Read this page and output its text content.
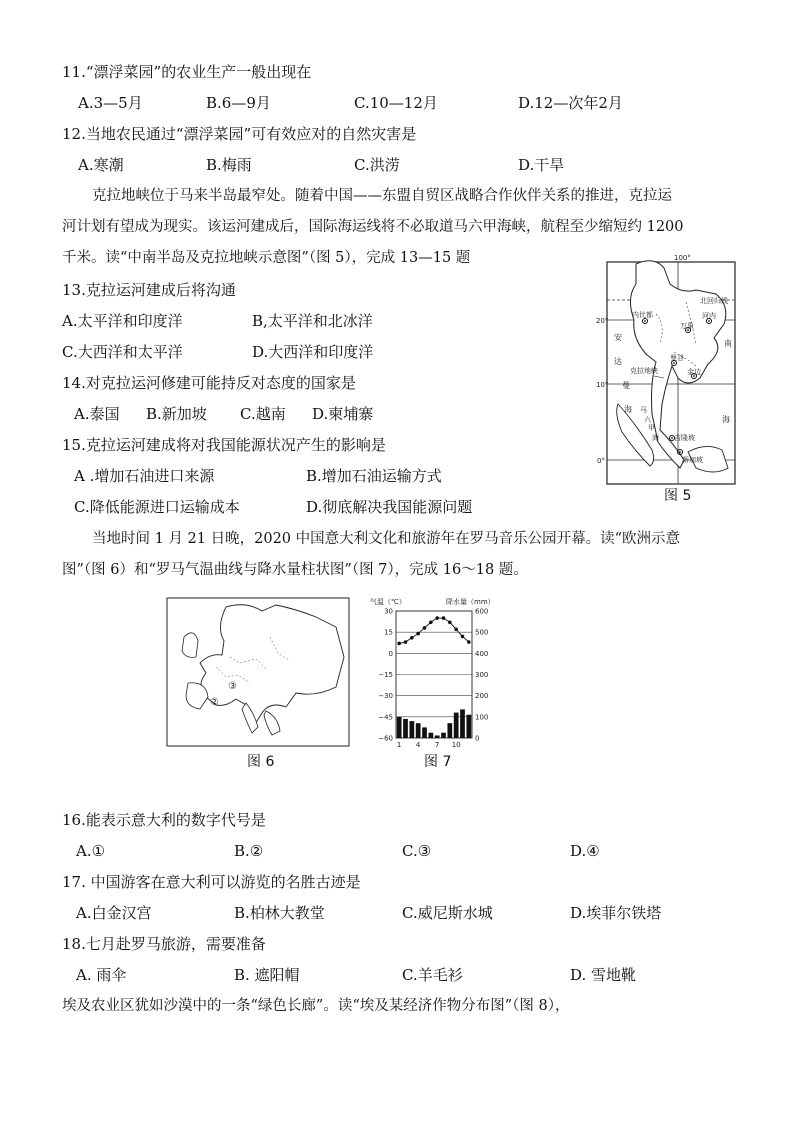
11.“漂浮菜园”的农业生产一般出现在
A.3—5月	B.6—9月	C.10—12月	D.12—次年2月
12.当地农民通过“漂浮菜园”可有效应对的自然灾害是
A.寒潮	B.梅雨	C.洪涝	D.干旱
克拉地峡位于马来半岛最窄处。随着中国——东盟自贸区战略合作伙伴关系的推进，克拉运
河计划有望成为现实。该运河建成后，国际海运线将不必取道马六甲海峡，航程至少缩短约 1200
千米。读“中南半岛及克拉地峡示意图”（图 5），完成 13—15 题
13.克拉运河建成后将沟通
A.太平洋和印度洋	B,太平洋和北冰洋
C.大西洋和太平洋	D.大西洋和印度洋
14.对克拉运河修建可能持反对态度的国家是
A.泰国 B.新加坡 C.越南 D.柬埔寨
15.克拉运河建成将对我国能源状况产生的影响是
A .增加石油进口来源	B.增加石油运输方式
C.降低能源进口运输成本	D.彻底解决我国能源问题
100°
20°
10°
0°
北回归线
内比都	河内
万象
曼谷
金边
克拉地峡
吉隆坡
新加坡
安
达
曼
海
南
海
马
六
甲
海
图 5
当地时间 1 月 21 日晚，2020 中国意大利文化和旅游年在罗马音乐公园开幕。读“欧洲示意
图”（图 6）和“罗马气温曲线与降水量柱状图”（图 7），完成 16～18 题。
②
③
图 6
气温（℃）	降水量（mm）
30
15
0
−15
−30
−45
−60
600
500
400
300
200
100
0
1 4 7 10
图 7
16.能表示意大利的数字代号是
A.①	B.②	C.③	D.④
17. 中国游客在意大利可以游览的名胜古迹是
A.白金汉宫	B.柏林大教堂	C.威尼斯水城	D.埃菲尔铁塔
18.七月赴罗马旅游，需要准备
A. 雨伞	B. 遮阳帽	C.羊毛衫	D. 雪地靴
埃及农业区犹如沙漠中的一条“绿色长廊”。读“埃及某经济作物分布图”（图 8），
